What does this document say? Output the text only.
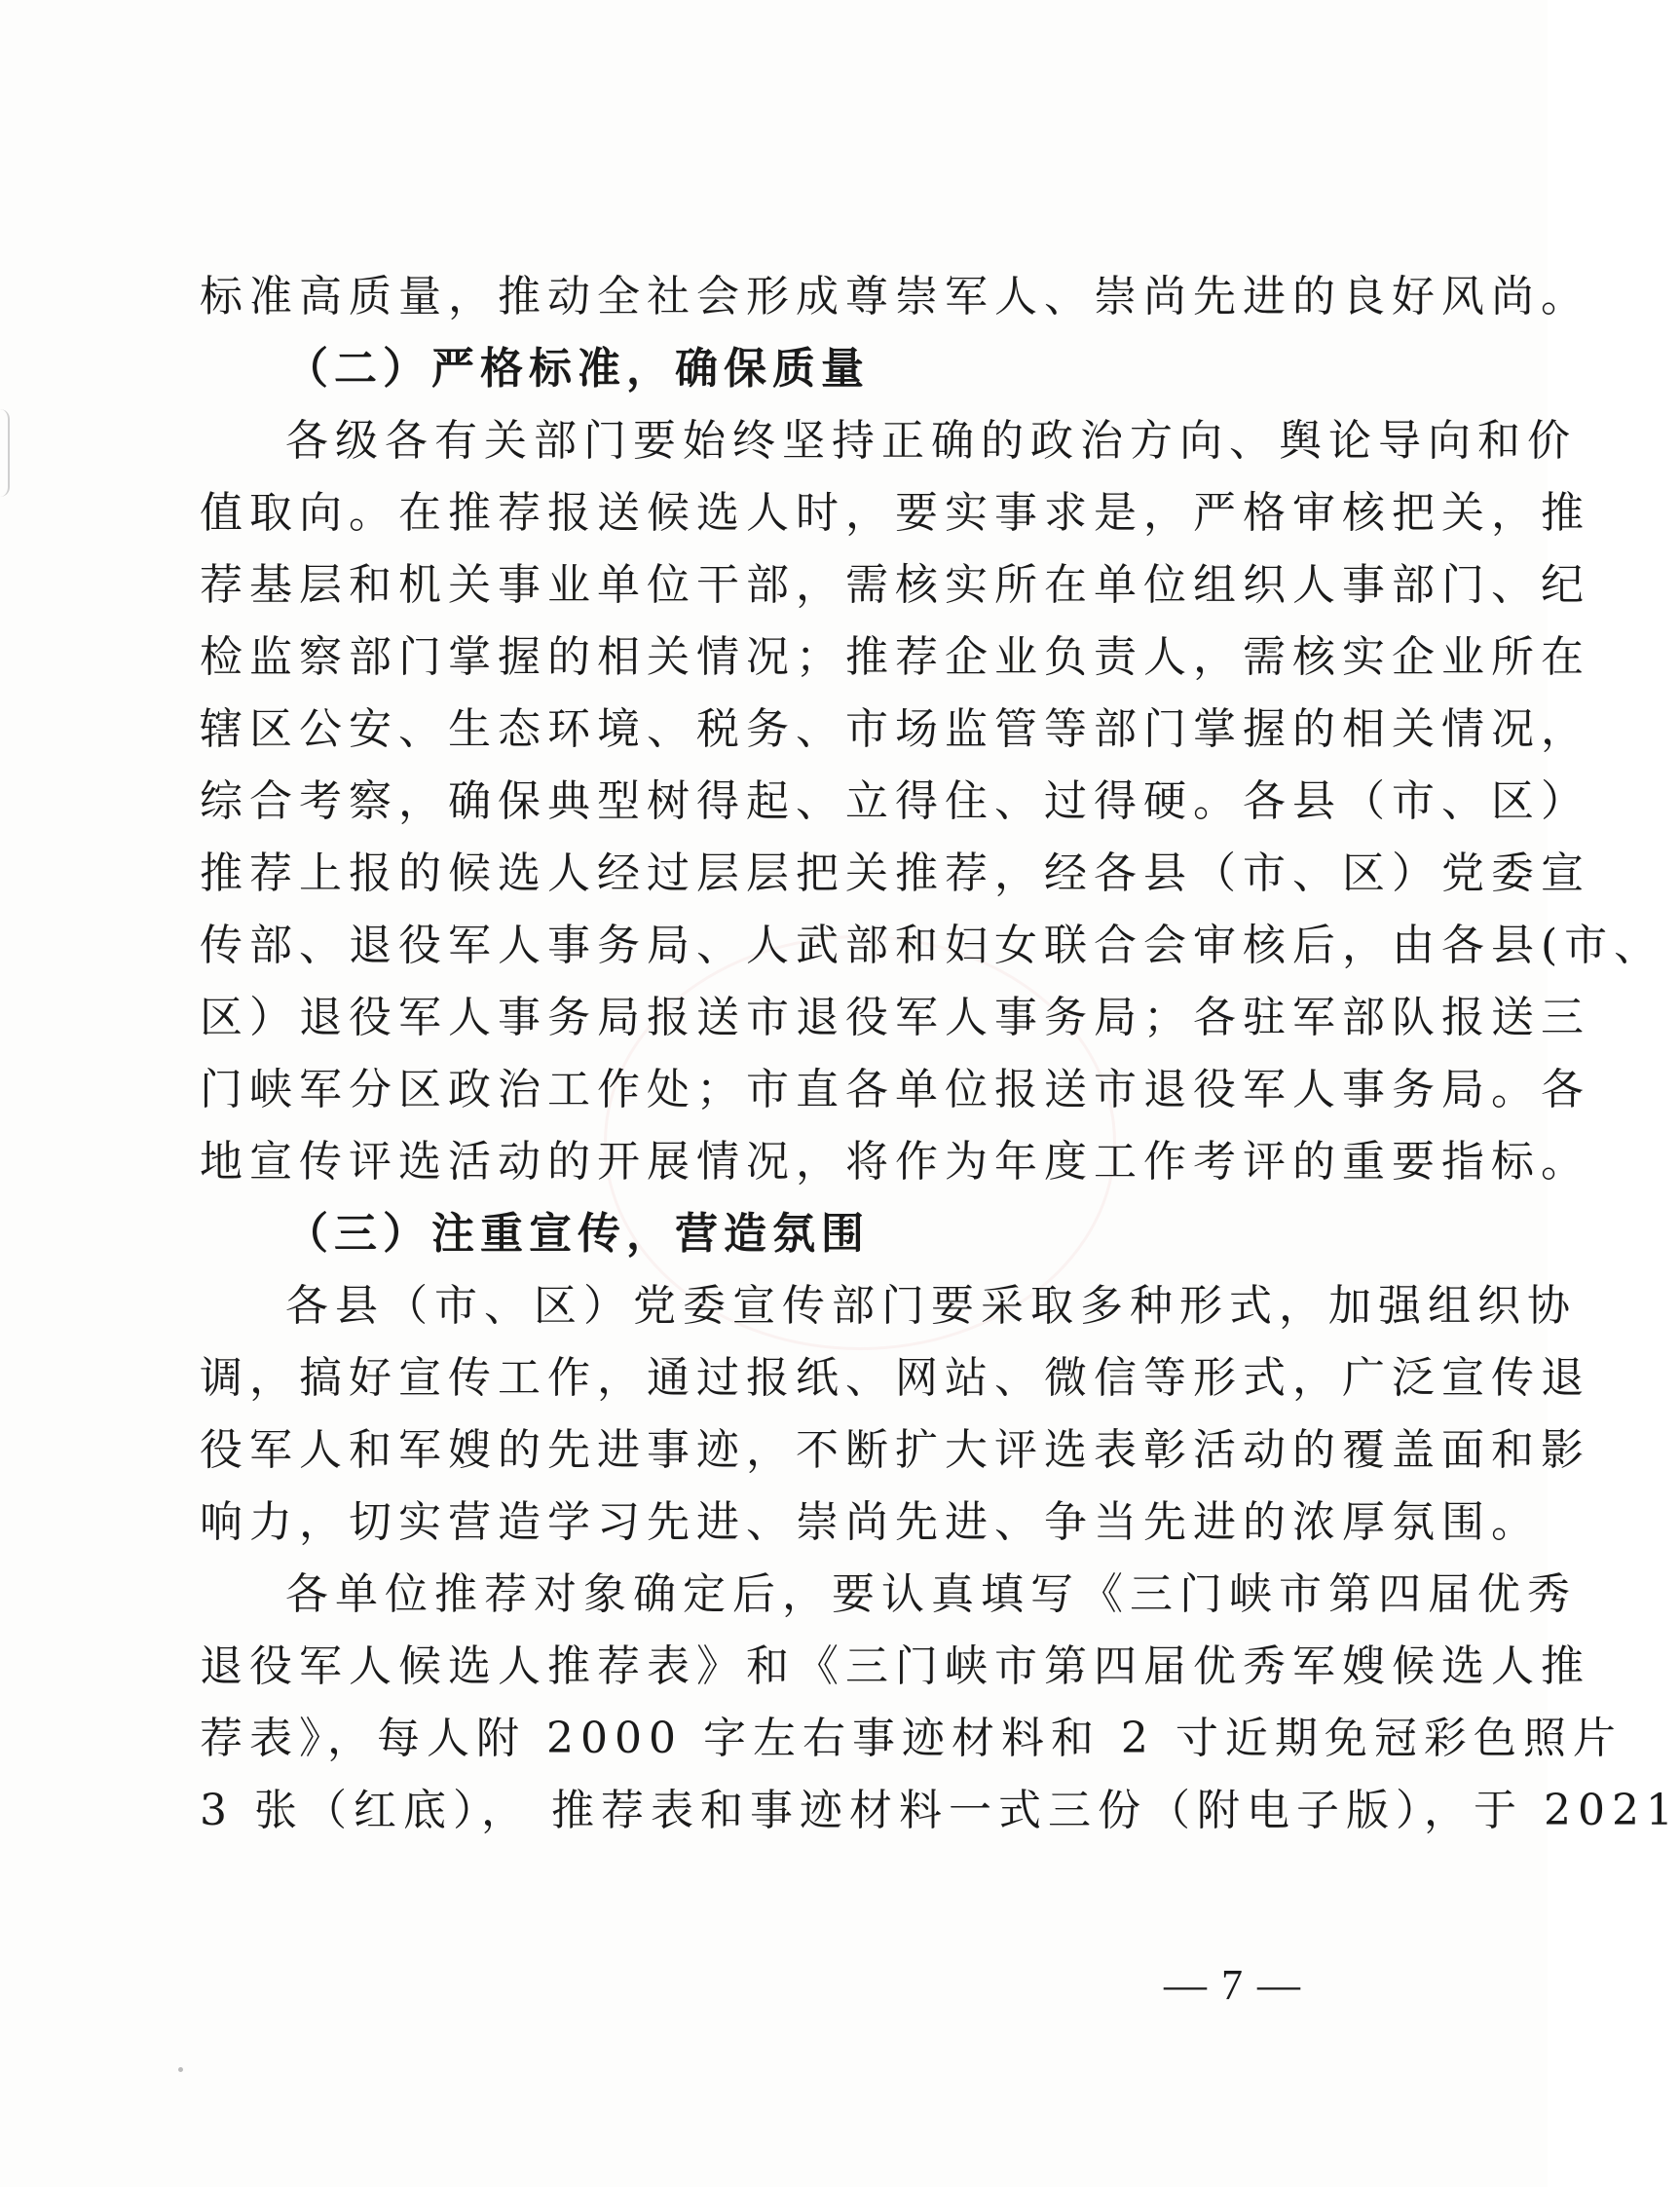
标准高质量，推动全社会形成尊崇军人、崇尚先进的良好风尚。
（二）严格标准，确保质量
各级各有关部门要始终坚持正确的政治方向、舆论导向和价
值取向。在推荐报送候选人时，要实事求是，严格审核把关，推
荐基层和机关事业单位干部，需核实所在单位组织人事部门、纪
检监察部门掌握的相关情况；推荐企业负责人，需核实企业所在
辖区公安、生态环境、税务、市场监管等部门掌握的相关情况，
综合考察，确保典型树得起、立得住、过得硬。各县（市、区）
推荐上报的候选人经过层层把关推荐，经各县（市、区）党委宣
传部、退役军人事务局、人武部和妇女联合会审核后，由各县(市、
区）退役军人事务局报送市退役军人事务局；各驻军部队报送三
门峡军分区政治工作处；市直各单位报送市退役军人事务局。各
地宣传评选活动的开展情况，将作为年度工作考评的重要指标。
（三）注重宣传，营造氛围
各县（市、区）党委宣传部门要采取多种形式，加强组织协
调，搞好宣传工作，通过报纸、网站、微信等形式，广泛宣传退
役军人和军嫂的先进事迹，不断扩大评选表彰活动的覆盖面和影
响力，切实营造学习先进、崇尚先进、争当先进的浓厚氛围。
各单位推荐对象确定后，要认真填写《三门峡市第四届优秀
退役军人候选人推荐表》和《三门峡市第四届优秀军嫂候选人推
荐表》，每人附 2000 字左右事迹材料和 2 寸近期免冠彩色照片
3 张（红底）， 推荐表和事迹材料一式三份（附电子版），于 2021
— 7 —
